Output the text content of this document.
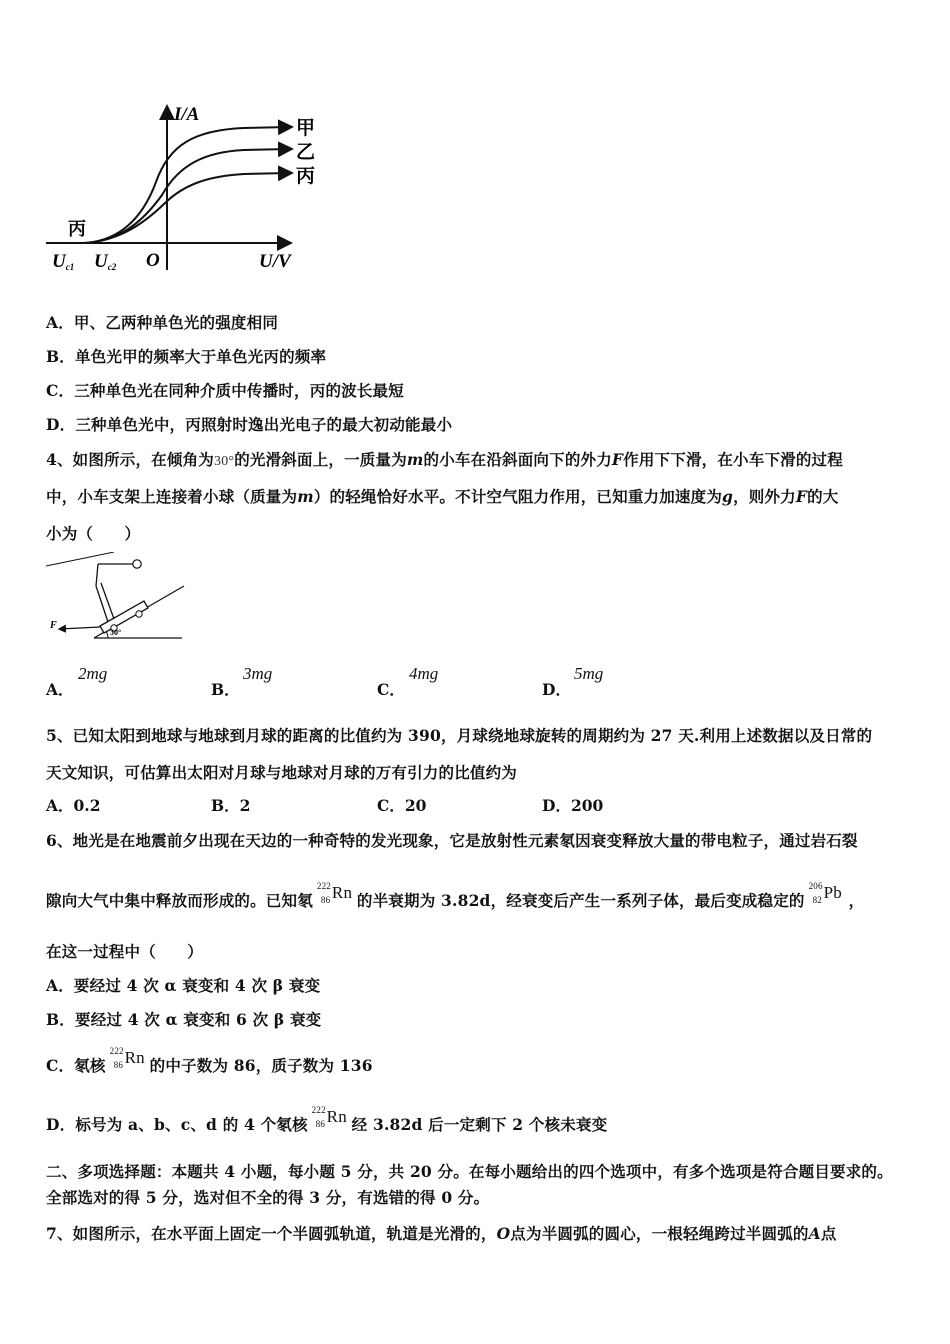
I/A
甲
乙
丙
丙
Uc1 Uc2 O	U/V
A．甲、乙两种单色光的强度相同
B．单色光甲的频率大于单色光丙的频率
C．三种单色光在同种介质中传播时，丙的波长最短
D．三种单色光中，丙照射时逸出光电子的最大初动能最小
4、如图所示，在倾角为30°的光滑斜面上，一质量为m的小车在沿斜面向下的外力F作用下下滑，在小车下滑的过程
中，小车支架上连接着小球（质量为m）的轻绳恰好水平。不计空气阻力作用，已知重力加速度为g，则外力F的大
小为（　　）
F
30°
A．
2mg
B．
3mg
C．
4mg
D．
5mg
5、已知太阳到地球与地球到月球的距离的比值约为 390，月球绕地球旋转的周期约为 27 天.利用上述数据以及日常的
天文知识，可估算出太阳对月球与地球对月球的万有引力的比值约为
A．0.2	B．2	C．20	D．200
6、地光是在地震前夕出现在天边的一种奇特的发光现象，它是放射性元素氡因衰变释放大量的带电粒子，通过岩石裂
隙向大气中集中释放而形成的。已知氡
222
86 Rn 的半衰期为 3.82d，经衰变后产生一系列子体，最后变成稳定的
206
82 Pb ，
在这一过程中（　　）
A．要经过 4 次 α 衰变和 4 次 β 衰变
B．要经过 4 次 α 衰变和 6 次 β 衰变
C．氡核
222
86 Rn 的中子数为 86，质子数为 136
D．标号为 a、b、c、d 的 4 个氡核
222
86 Rn 经 3.82d 后一定剩下 2 个核未衰变
二、多项选择题：本题共 4 小题，每小题 5 分，共 20 分。在每小题给出的四个选项中，有多个选项是符合题目要求的。
全部选对的得 5 分，选对但不全的得 3 分，有选错的得 0 分。
7、如图所示，在水平面上固定一个半圆弧轨道，轨道是光滑的，O点为半圆弧的圆心，一根轻绳跨过半圆弧的A点
